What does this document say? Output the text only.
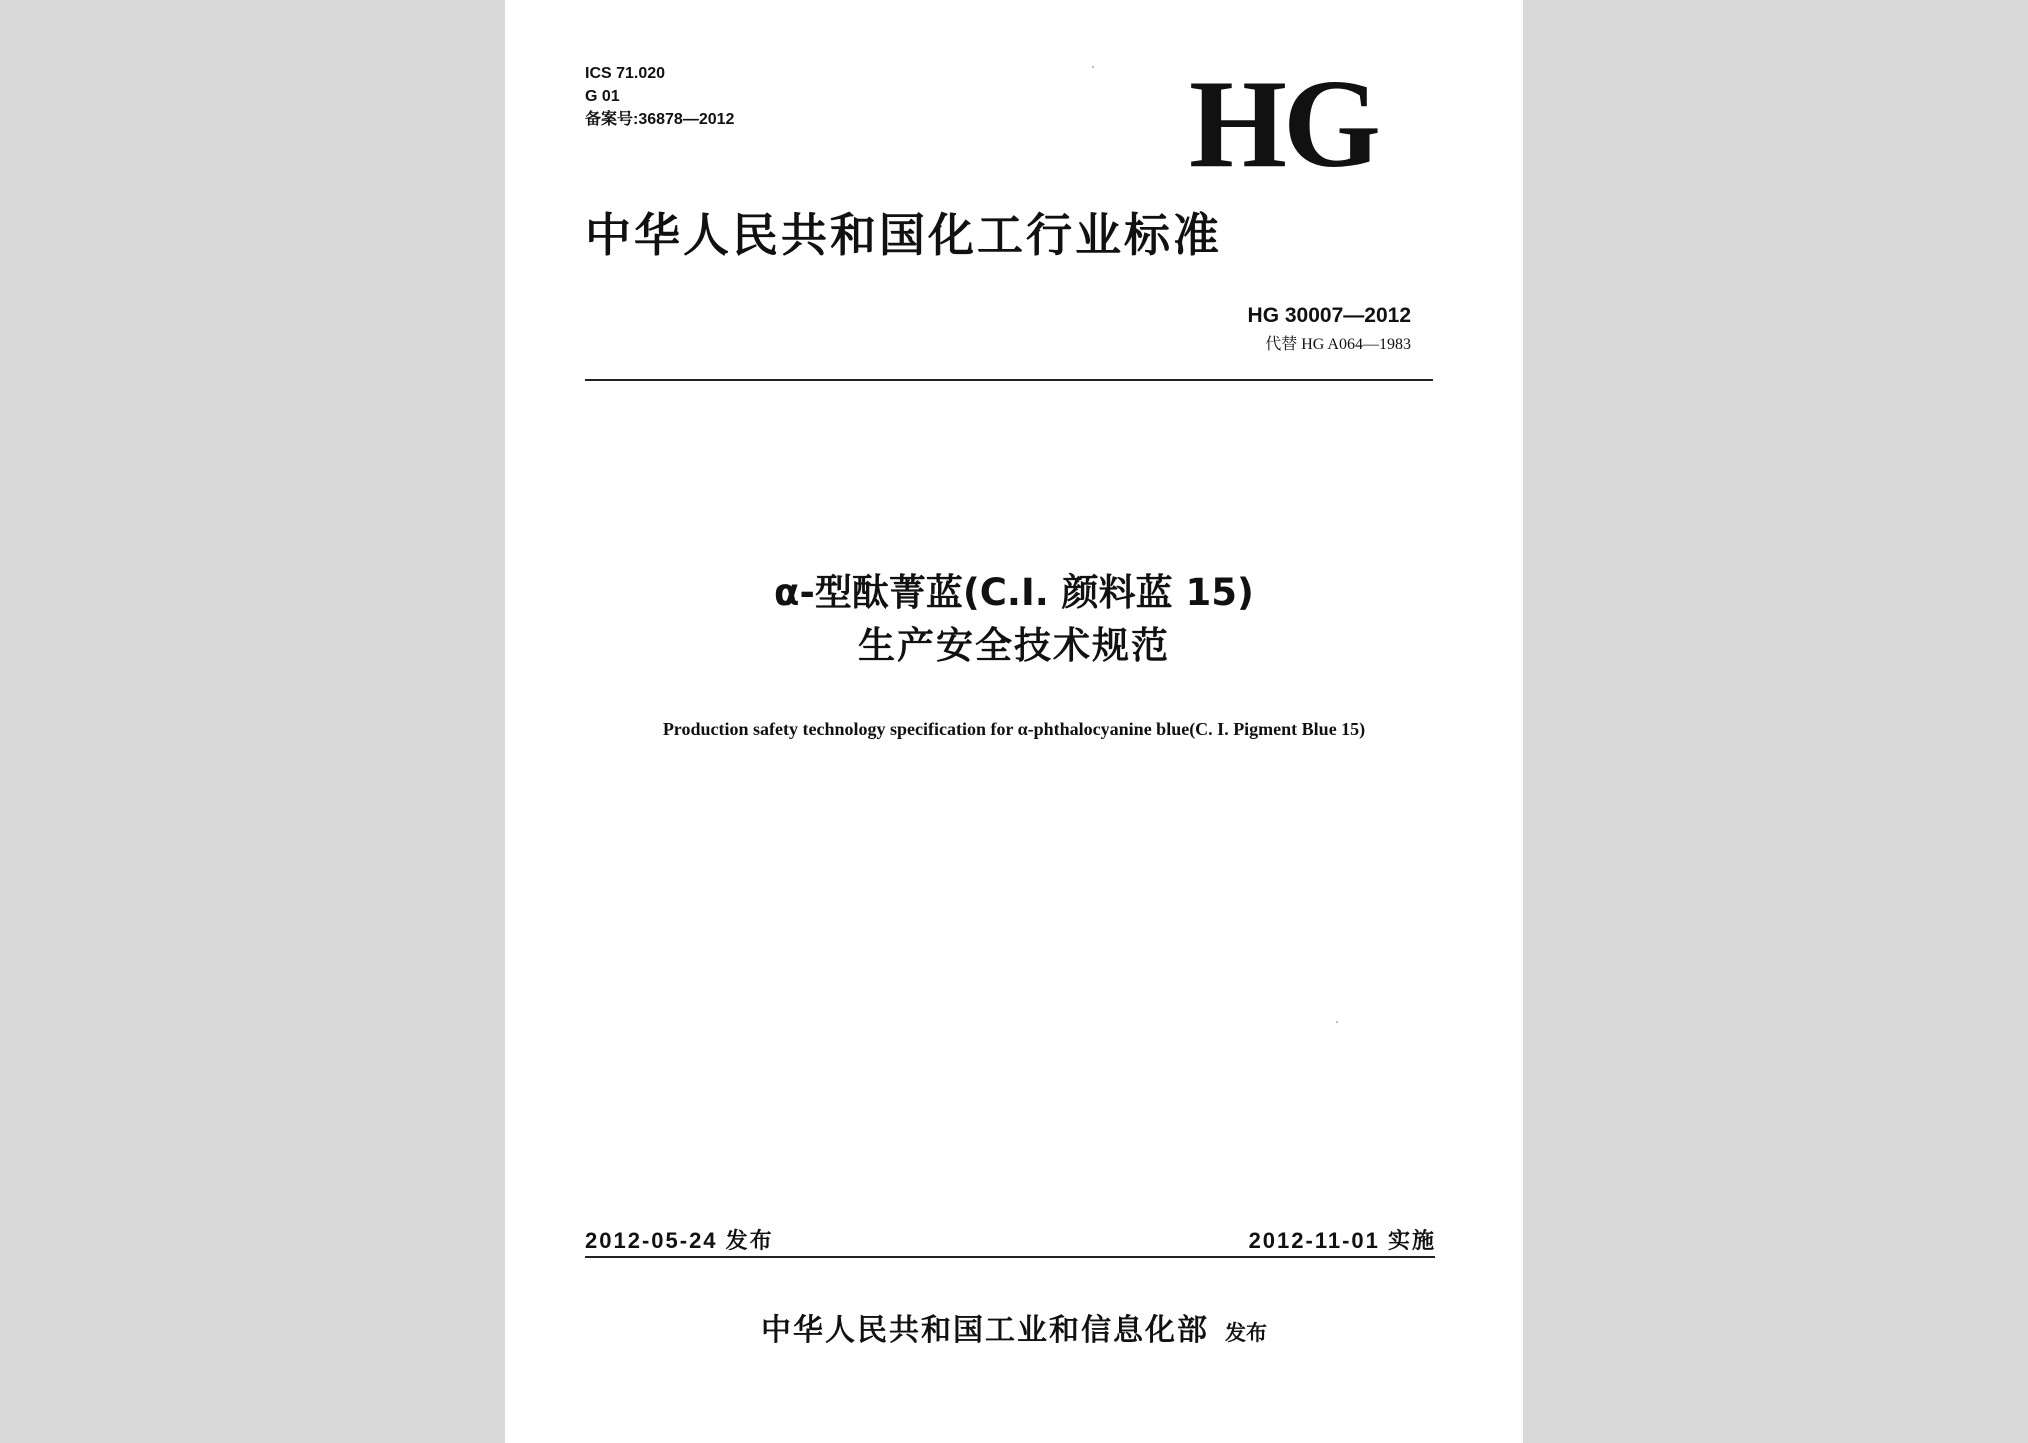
ICS 71.020
G 01
备案号:36878—2012	HG
中华人民共和国化工行业标准
HG 30007—2012
代替 HG A064—1983
α-型酞菁蓝(C.I. 颜料蓝 15)
生产安全技术规范
Production safety technology specification for α-phthalocyanine blue(C. I. Pigment Blue 15)
2012-05-24 发布	2012-11-01 实施
中华人民共和国工业和信息化部 发布
